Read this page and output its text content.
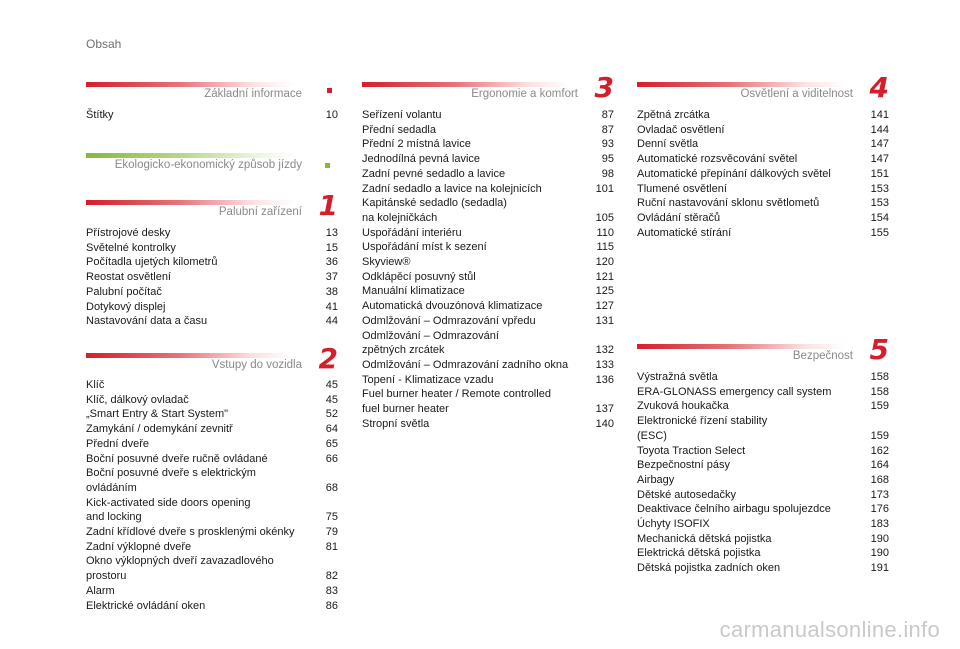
Obsah
Základní informace
Štítky	10
Ekologicko-ekonomický způsob jízdy
Palubní zařízení 1
Přístrojové desky	13
Světelné kontrolky	15
Počítadla ujetých kilometrů	36
Reostat osvětlení	37
Palubní počítač	38
Dotykový displej	41
Nastavování data a času	44
Vstupy do vozidla 2
Klíč	45
Klíč, dálkový ovladač	45
„Smart Entry & Start System"	52
Zamykání / odemykání zevnitř	64
Přední dveře	65
Boční posuvné dveře ručně ovládané	66
Boční posuvné dveře s elektrickým
ovládáním	68
Kick-activated side doors opening
and locking	75
Zadní křídlové dveře s prosklenými okénky	79
Zadní výklopné dveře	81
Okno výklopných dveří zavazadlového
prostoru	82
Alarm	83
Elektrické ovládání oken	86
Ergonomie a komfort 3
Seřízení volantu	87
Přední sedadla	87
Přední 2 místná lavice	93
Jednodílná pevná lavice	95
Zadní pevné sedadlo a lavice	98
Zadní sedadlo a lavice na kolejnicích	101
Kapitánské sedadlo (sedadla)
na kolejničkách	105
Uspořádání interiéru	110
Uspořádání míst k sezení	115
Skyview®	120
Odklápěcí posuvný stůl	121
Manuální klimatizace	125
Automatická dvouzónová klimatizace	127
Odmlžování – Odmrazování vpředu	131
Odmlžování – Odmrazování
zpětných zrcátek	132
Odmlžování – Odmrazování zadního okna	133
Topení - Klimatizace vzadu	136
Fuel burner heater / Remote controlled
fuel burner heater	137
Stropní světla	140
Osvětlení a viditelnost 4
Zpětná zrcátka	141
Ovladač osvětlení	144
Denní světla	147
Automatické rozsvěcování světel	147
Automatické přepínání dálkových světel	151
Tlumené osvětlení	153
Ruční nastavování sklonu světlometů	153
Ovládání stěračů	154
Automatické stírání	155
Bezpečnost 5
Výstražná světla	158
ERA-GLONASS emergency call system	158
Zvuková houkačka	159
Elektronické řízení stability
(ESC)	159
Toyota Traction Select	162
Bezpečnostní pásy	164
Airbagy	168
Dětské autosedačky	173
Deaktivace čelního airbagu spolujezdce	176
Úchyty ISOFIX	183
Mechanická dětská pojistka	190
Elektrická dětská pojistka	190
Dětská pojistka zadních oken	191
carmanualsonline.info
